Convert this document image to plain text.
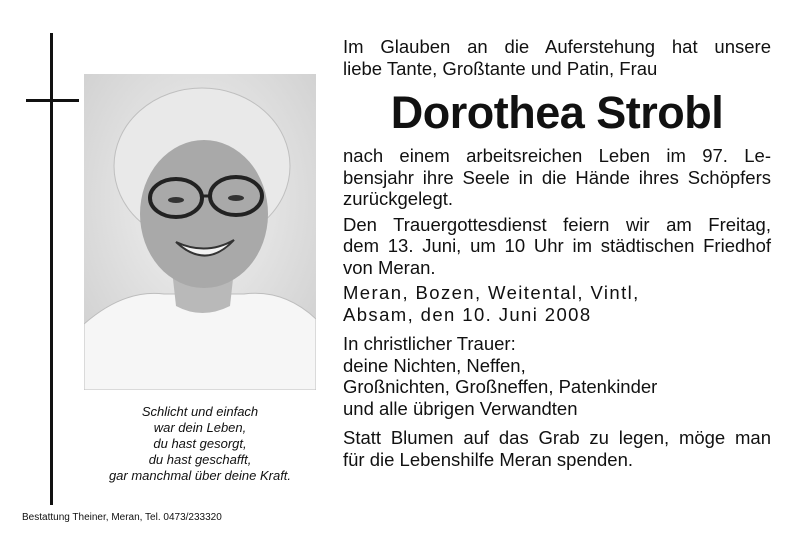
Schlicht und einfach
war dein Leben,
du hast gesorgt,
du hast geschafft,
gar manchmal über deine Kraft.
Bestattung Theiner, Meran, Tel. 0473/233320
Im Glauben an die Auferstehung hat unsere
liebe Tante, Großtante und Patin, Frau
Dorothea Strobl
nach einem arbeitsreichen Leben im 97. Le-
bensjahr ihre Seele in die Hände ihres Schöpfers
zurückgelegt.
Den Trauergottesdienst feiern wir am Freitag,
dem 13. Juni, um 10 Uhr im städtischen Friedhof
von Meran.
Meran, Bozen, Weitental, Vintl,
Absam, den 10. Juni 2008
In christlicher Trauer:
deine Nichten, Neffen,
Großnichten, Großneffen, Patenkinder
und alle übrigen Verwandten
Statt Blumen auf das Grab zu legen, möge man
für die Lebenshilfe Meran spenden.
